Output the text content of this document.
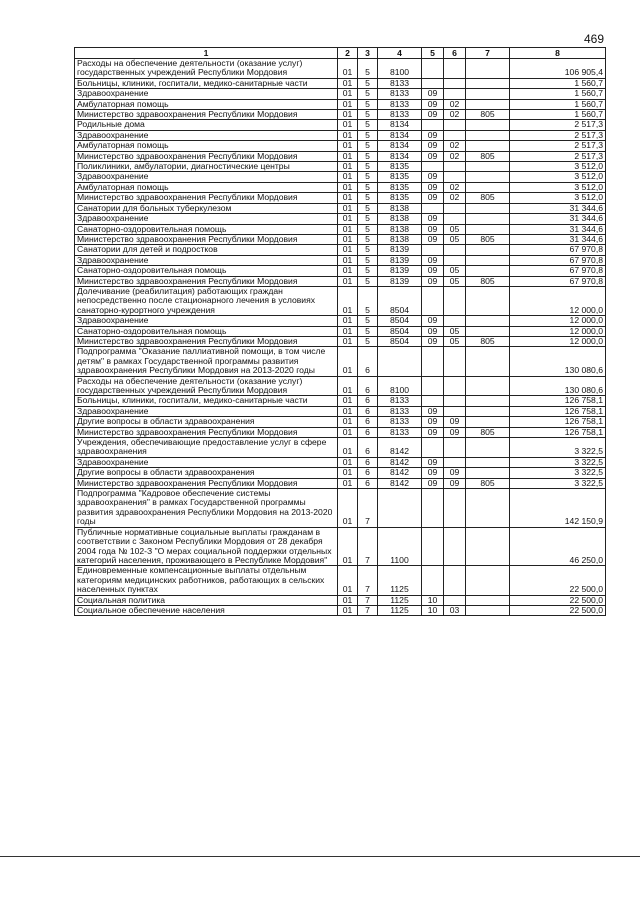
469
1	2	3	4	5	6	7	8
Расходы на обеспечение деятельности (оказание услуг) государственных учреждений Республики Мордовия	01	5	8100				106 905,4
Больницы, клиники, госпитали, медико-санитарные части	01	5	8133				1 560,7
Здравоохранение	01	5	8133	09			1 560,7
Амбулаторная помощь	01	5	8133	09	02		1 560,7
Министерство здравоохранения Республики Мордовия	01	5	8133	09	02	805	1 560,7
Родильные дома	01	5	8134				2 517,3
Здравоохранение	01	5	8134	09			2 517,3
Амбулаторная помощь	01	5	8134	09	02		2 517,3
Министерство здравоохранения Республики Мордовия	01	5	8134	09	02	805	2 517,3
Поликлиники, амбулатории, диагностические центры	01	5	8135				3 512,0
Здравоохранение	01	5	8135	09			3 512,0
Амбулаторная помощь	01	5	8135	09	02		3 512,0
Министерство здравоохранения Республики Мордовия	01	5	8135	09	02	805	3 512,0
Санатории для больных туберкулезом	01	5	8138				31 344,6
Здравоохранение	01	5	8138	09			31 344,6
Санаторно-оздоровительная помощь	01	5	8138	09	05		31 344,6
Министерство здравоохранения Республики Мордовия	01	5	8138	09	05	805	31 344,6
Санатории для детей и подростков	01	5	8139				67 970,8
Здравоохранение	01	5	8139	09			67 970,8
Санаторно-оздоровительная помощь	01	5	8139	09	05		67 970,8
Министерство здравоохранения Республики Мордовия	01	5	8139	09	05	805	67 970,8
Долечивание (реабилитация) работающих граждан непосредственно после стационарного лечения в условиях санаторно-курортного учреждения	01	5	8504				12 000,0
Здравоохранение	01	5	8504	09			12 000,0
Санаторно-оздоровительная помощь	01	5	8504	09	05		12 000,0
Министерство здравоохранения Республики Мордовия	01	5	8504	09	05	805	12 000,0
Подпрограмма "Оказание паллиативной помощи, в том числе детям" в рамках Государственной программы развития здравоохранения Республики Мордовия на 2013-2020 годы	01	6					130 080,6
Расходы на обеспечение деятельности (оказание услуг) государственных учреждений Республики Мордовия	01	6	8100				130 080,6
Больницы, клиники, госпитали, медико-санитарные части	01	6	8133				126 758,1
Здравоохранение	01	6	8133	09			126 758,1
Другие вопросы в области здравоохранения	01	6	8133	09	09		126 758,1
Министерство здравоохранения Республики Мордовия	01	6	8133	09	09	805	126 758,1
Учреждения, обеспечивающие предоставление услуг в сфере здравоохранения	01	6	8142				3 322,5
Здравоохранение	01	6	8142	09			3 322,5
Другие вопросы в области здравоохранения	01	6	8142	09	09		3 322,5
Министерство здравоохранения Республики Мордовия	01	6	8142	09	09	805	3 322,5
Подпрограмма "Кадровое обеспечение системы здравоохранения" в рамках Государственной программы развития здравоохранения Республики Мордовия на 2013-2020 годы	01	7					142 150,9
Публичные нормативные социальные выплаты гражданам в соответствии с Законом Республики Мордовия от 28 декабря 2004 года № 102-З "О мерах социальной поддержки отдельных категорий населения, проживающего в Республике Мордовия"	01	7	1100				46 250,0
Единовременные компенсационные выплаты отдельным категориям медицинских работников, работающих в сельских населенных пунктах	01	7	1125				22 500,0
Социальная политика	01	7	1125	10			22 500,0
Социальное обеспечение населения	01	7	1125	10	03		22 500,0
